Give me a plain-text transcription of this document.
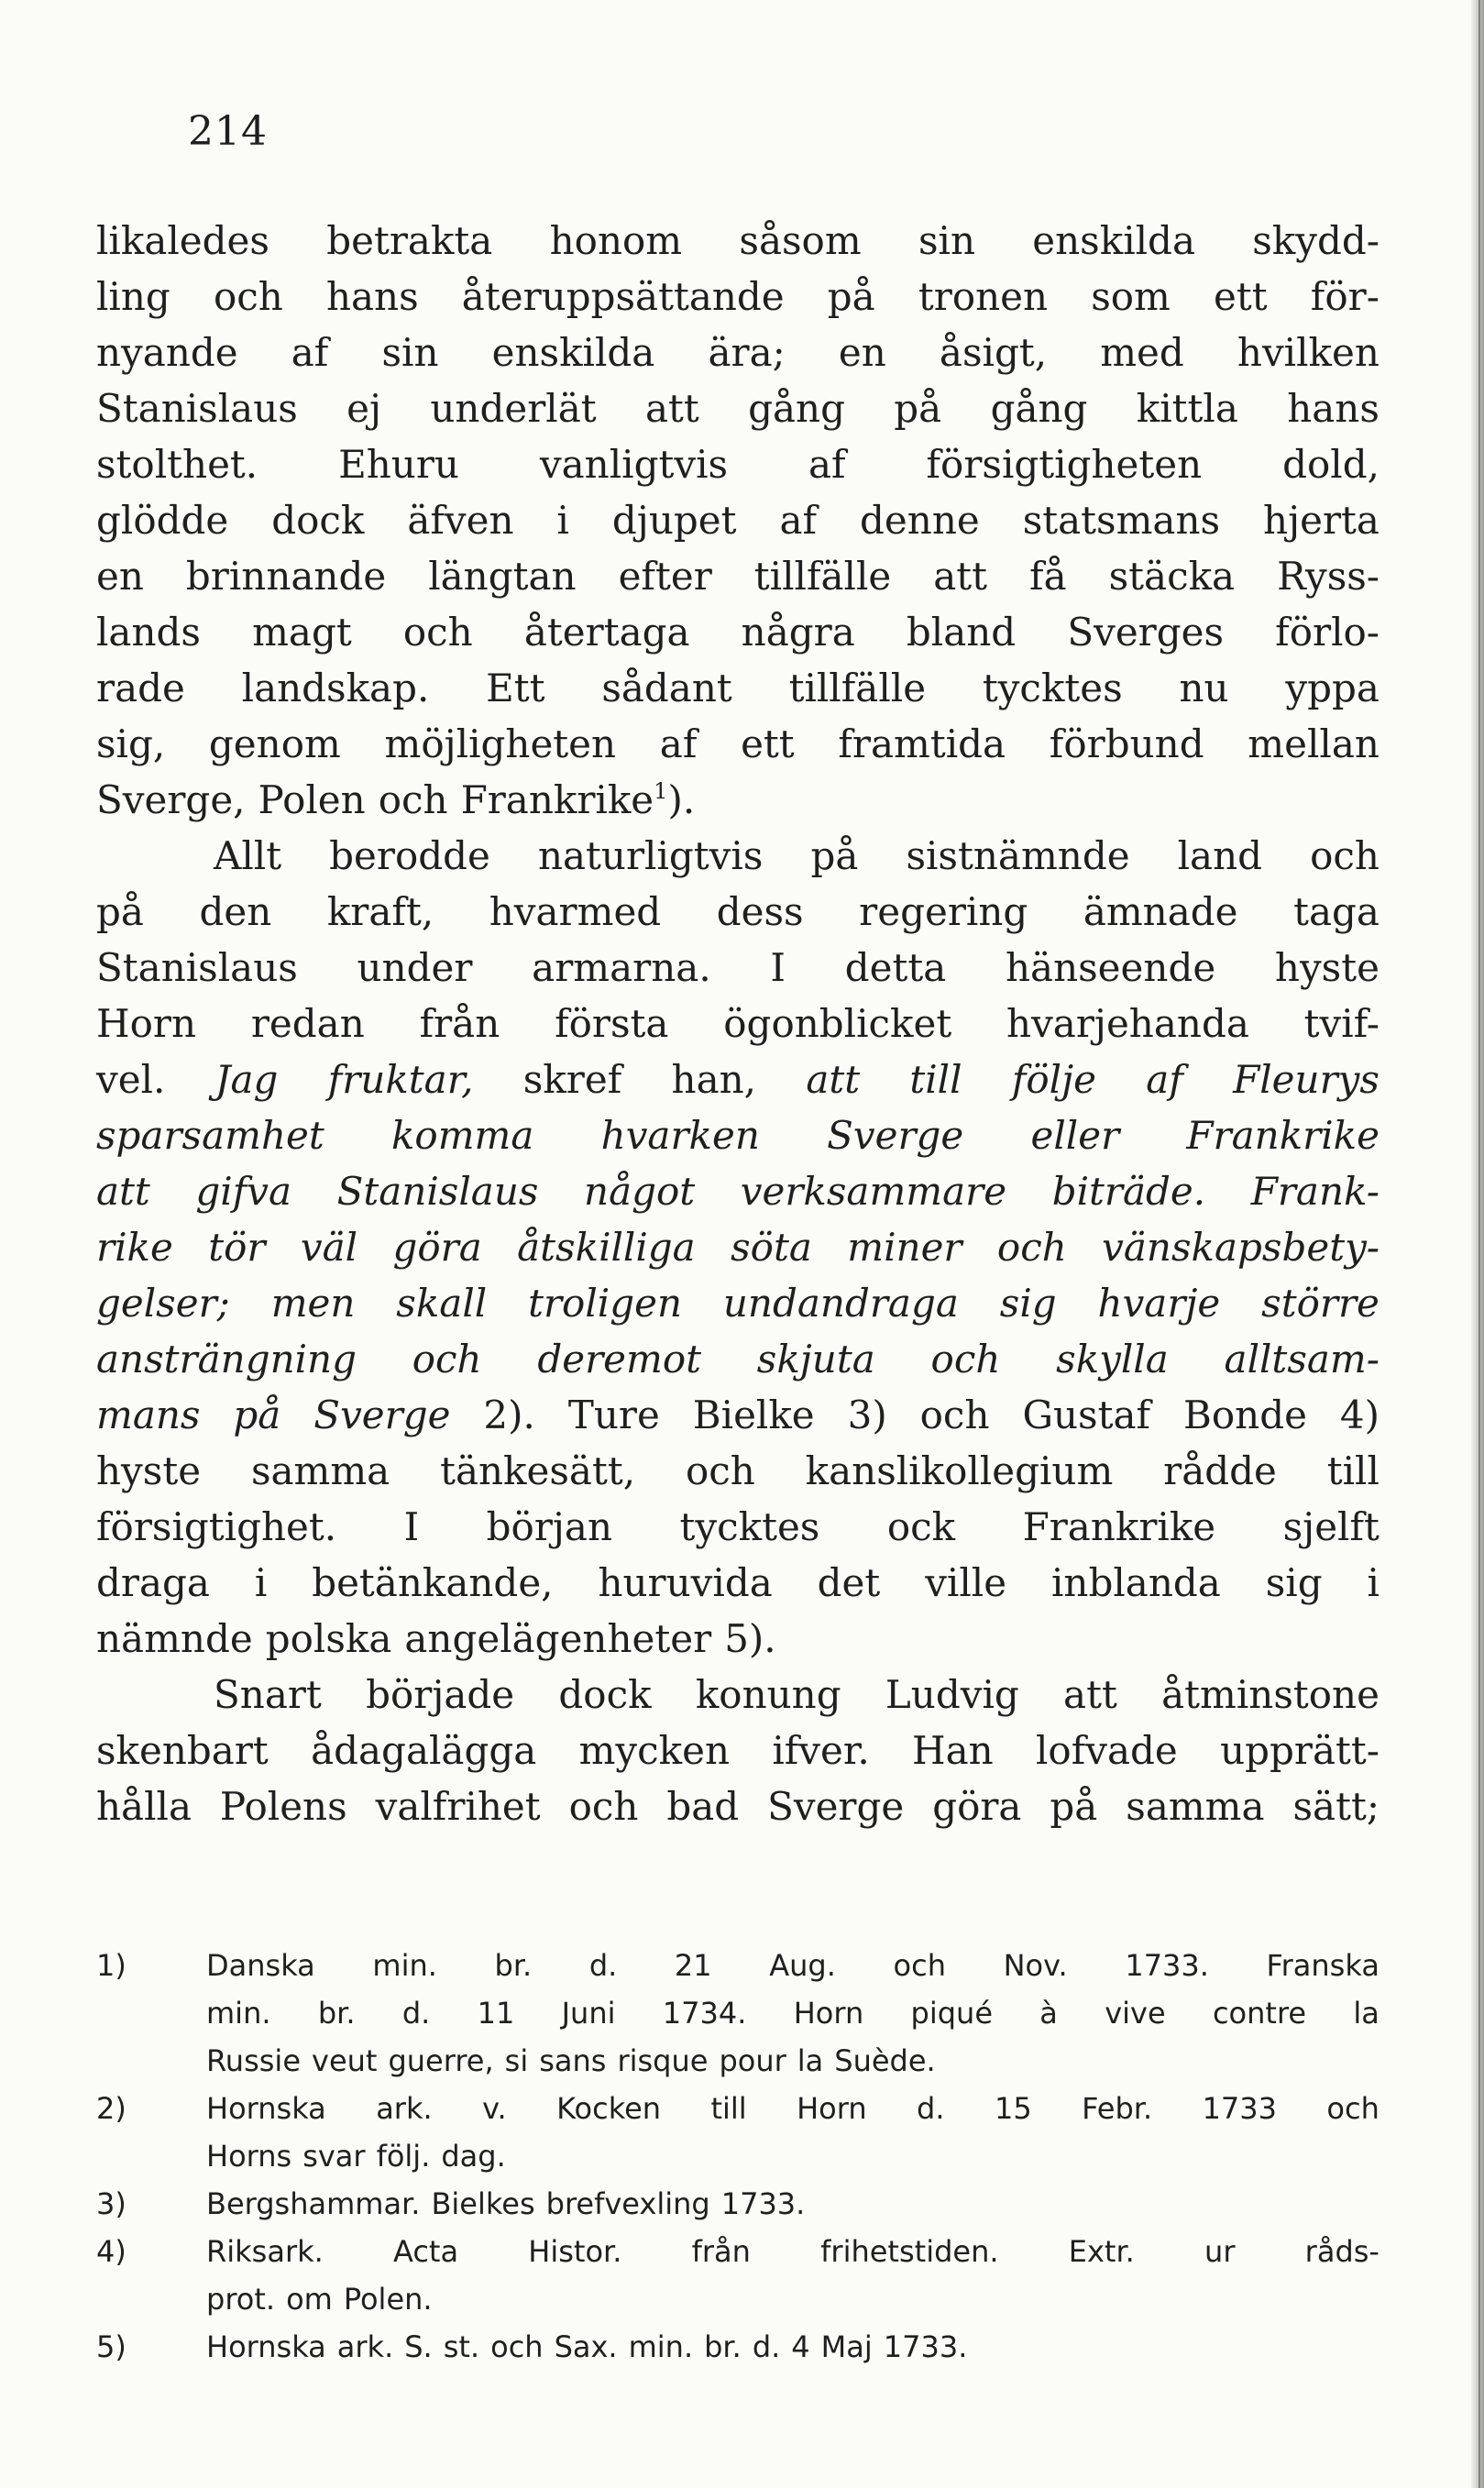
214
likaledes betrakta honom såsom sin enskilda skydd-
ling och hans återuppsättande på tronen som ett för-
nyande af sin enskilda ära; en åsigt, med hvilken
Stanislaus ej underlät att gång på gång kittla hans
stolthet. Ehuru vanligtvis af försigtigheten dold,
glödde dock äfven i djupet af denne statsmans hjerta
en brinnande längtan efter tillfälle att få stäcka Ryss-
lands magt och återtaga några bland Sverges förlo-
rade landskap. Ett sådant tillfälle tycktes nu yppa
sig, genom möjligheten af ett framtida förbund mellan
Sverge, Polen och Frankrike$^1$).
Allt berodde naturligtvis på sistnämnde land och
på den kraft, hvarmed dess regering ämnade taga
Stanislaus under armarna. I detta hänseende hyste
Horn redan från första ögonblicket hvarjehanda tvif-
vel. Jag fruktar, skref han, att till följe af Fleurys
sparsamhet komma hvarken Sverge eller Frankrike
att gifva Stanislaus något verksammare biträde. Frank-
rike tör väl göra åtskilliga söta miner och vänskapsbety-
gelser; men skall troligen undandraga sig hvarje större
ansträngning och deremot skjuta och skylla alltsam-
mans på Sverge 2). Ture Bielke 3) och Gustaf Bonde 4)
hyste samma tänkesätt, och kanslikollegium rådde till
försigtighet. I början tycktes ock Frankrike sjelft
draga i betänkande, huruvida det ville inblanda sig i
nämnde polska angelägenheter 5).
Snart började dock konung Ludvig att åtminstone
skenbart ådagalägga mycken ifver. Han lofvade upprätt-
hålla Polens valfrihet och bad Sverge göra på samma sätt;
1)	Danska min. br. d. 21 Aug. och Nov. 1733. Franska
min. br. d. 11 Juni 1734. Horn piqué à vive contre la
Russie veut guerre, si sans risque pour la Suède.
2)	Hornska ark. v. Kocken till Horn d. 15 Febr. 1733 och
Horns svar följ. dag.
3)	Bergshammar. Bielkes brefvexling 1733.
4)	Riksark. Acta Histor. från frihetstiden. Extr. ur råds-
prot. om Polen.
5)	Hornska ark. S. st. och Sax. min. br. d. 4 Maj 1733.
